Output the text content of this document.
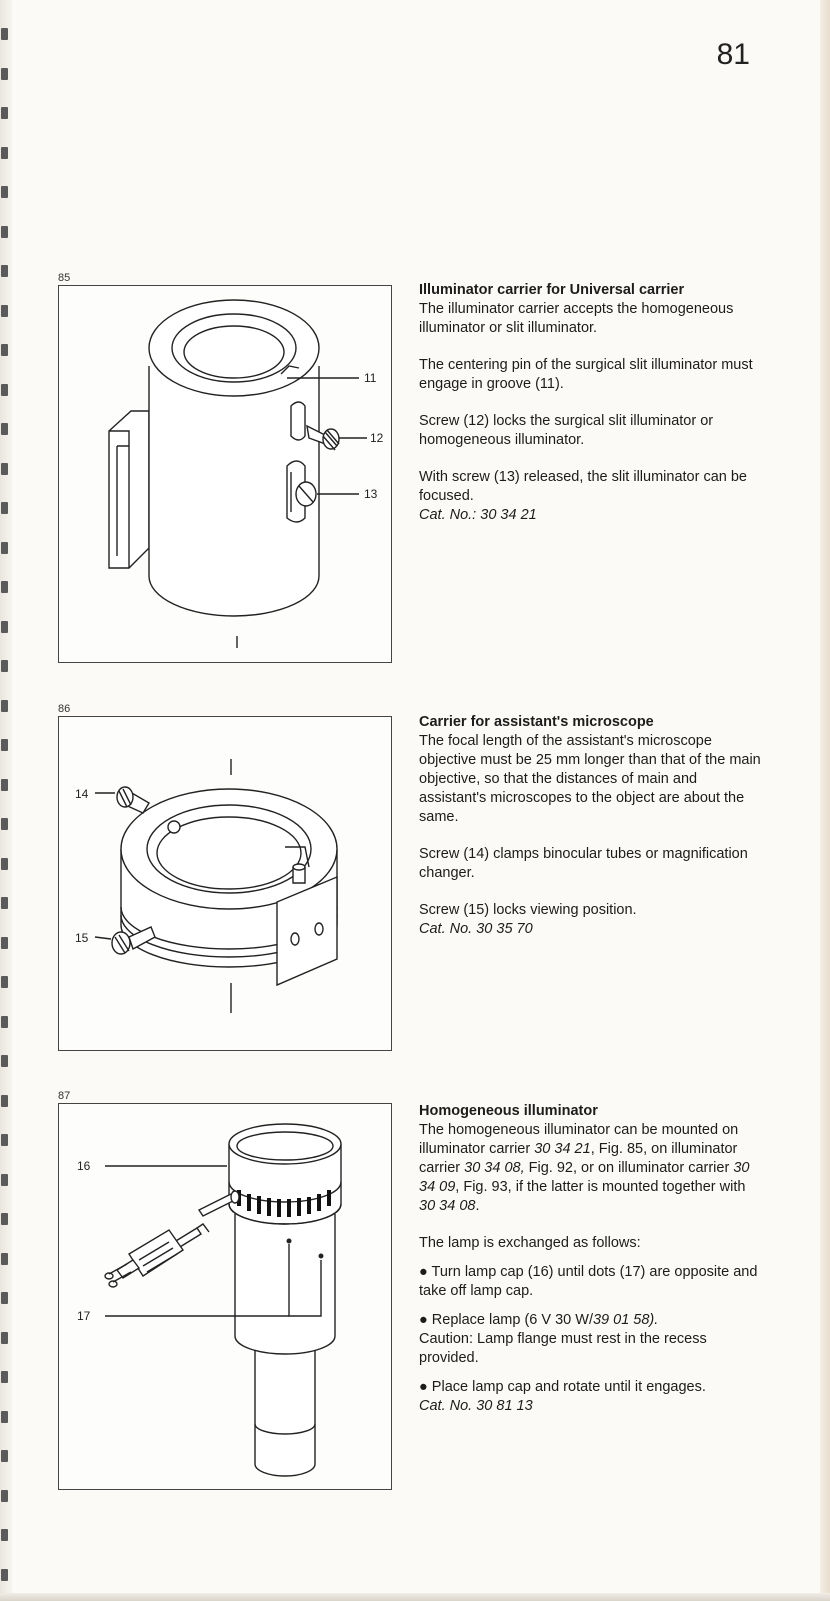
81
85
11
12
13
Illuminator carrier for Universal carrier

The illuminator carrier accepts the homogeneous illuminator or slit illuminator.

The centering pin of the surgical slit illuminator must engage in groove (11).

Screw (12) locks the surgical slit illuminator or homogeneous illuminator.

With screw (13) released, the slit illuminator can be focused.

Cat. No.: 30 34 21

86
14
15
Carrier for assistant's microscope

The focal length of the assistant's microscope objective must be 25 mm longer than that of the main objective, so that the distances of main and assistant's microscopes to the object are about the same.

Screw (14) clamps binocular tubes or magnification changer.

Screw (15) locks viewing position.

Cat. No. 30 35 70

87
16
17
Homogeneous illuminator

The homogeneous illuminator can be mounted on illuminator carrier 30 34 21, Fig. 85, on illuminator carrier 30 34 08, Fig. 92, or on illuminator carrier 30 34 09, Fig. 93, if the latter is mounted together with 30 34 08.

The lamp is exchanged as follows:

● Turn lamp cap (16) until dots (17) are opposite and take off lamp cap.

● Replace lamp (6 V 30 W/39 01 58).

Caution: Lamp flange must rest in the recess provided.

● Place lamp cap and rotate until it engages.

Cat. No. 30 81 13
